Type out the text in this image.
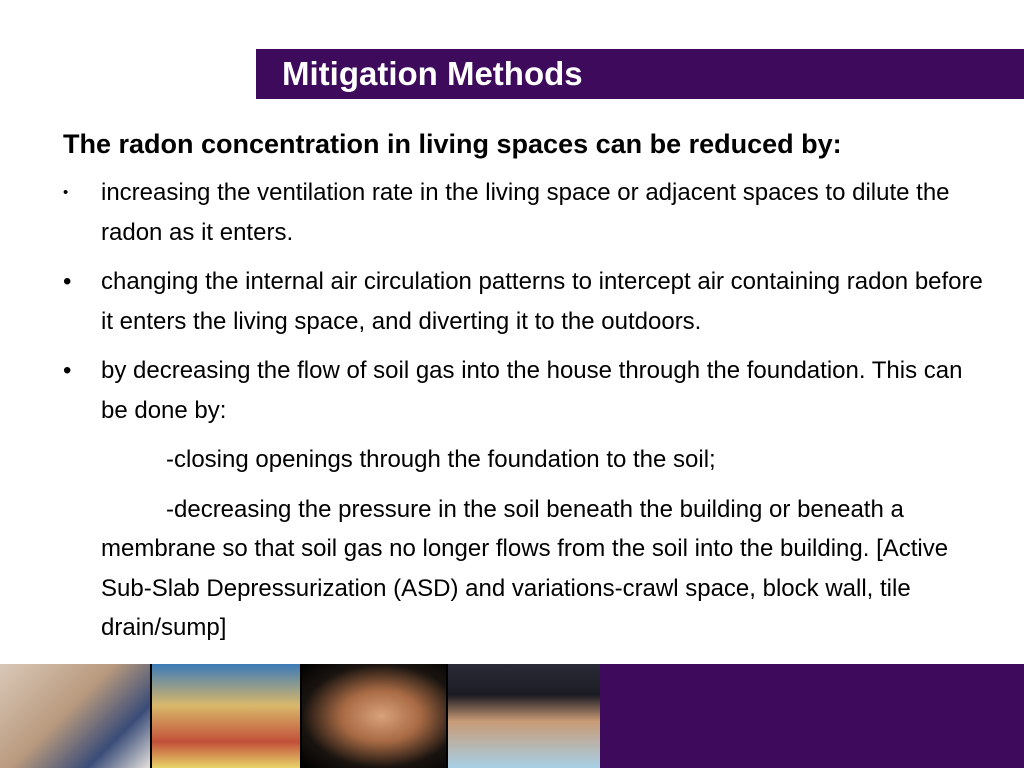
Mitigation Methods
The radon concentration in living spaces can be reduced by:
•	increasing the ventilation rate in the living space or adjacent spaces to dilute the radon as it enters.
•	changing the internal air circulation patterns to intercept air containing radon before it enters the living space, and diverting it to the outdoors.
•	by decreasing the flow of soil gas into the house through the foundation. This can be done by:
-closing openings through the foundation to the soil;
-decreasing the pressure in the soil beneath the building or beneath a membrane so that soil gas no longer flows from the soil into the building. [Active Sub-Slab Depressurization (ASD) and variations-crawl space, block wall, tile drain/sump]
